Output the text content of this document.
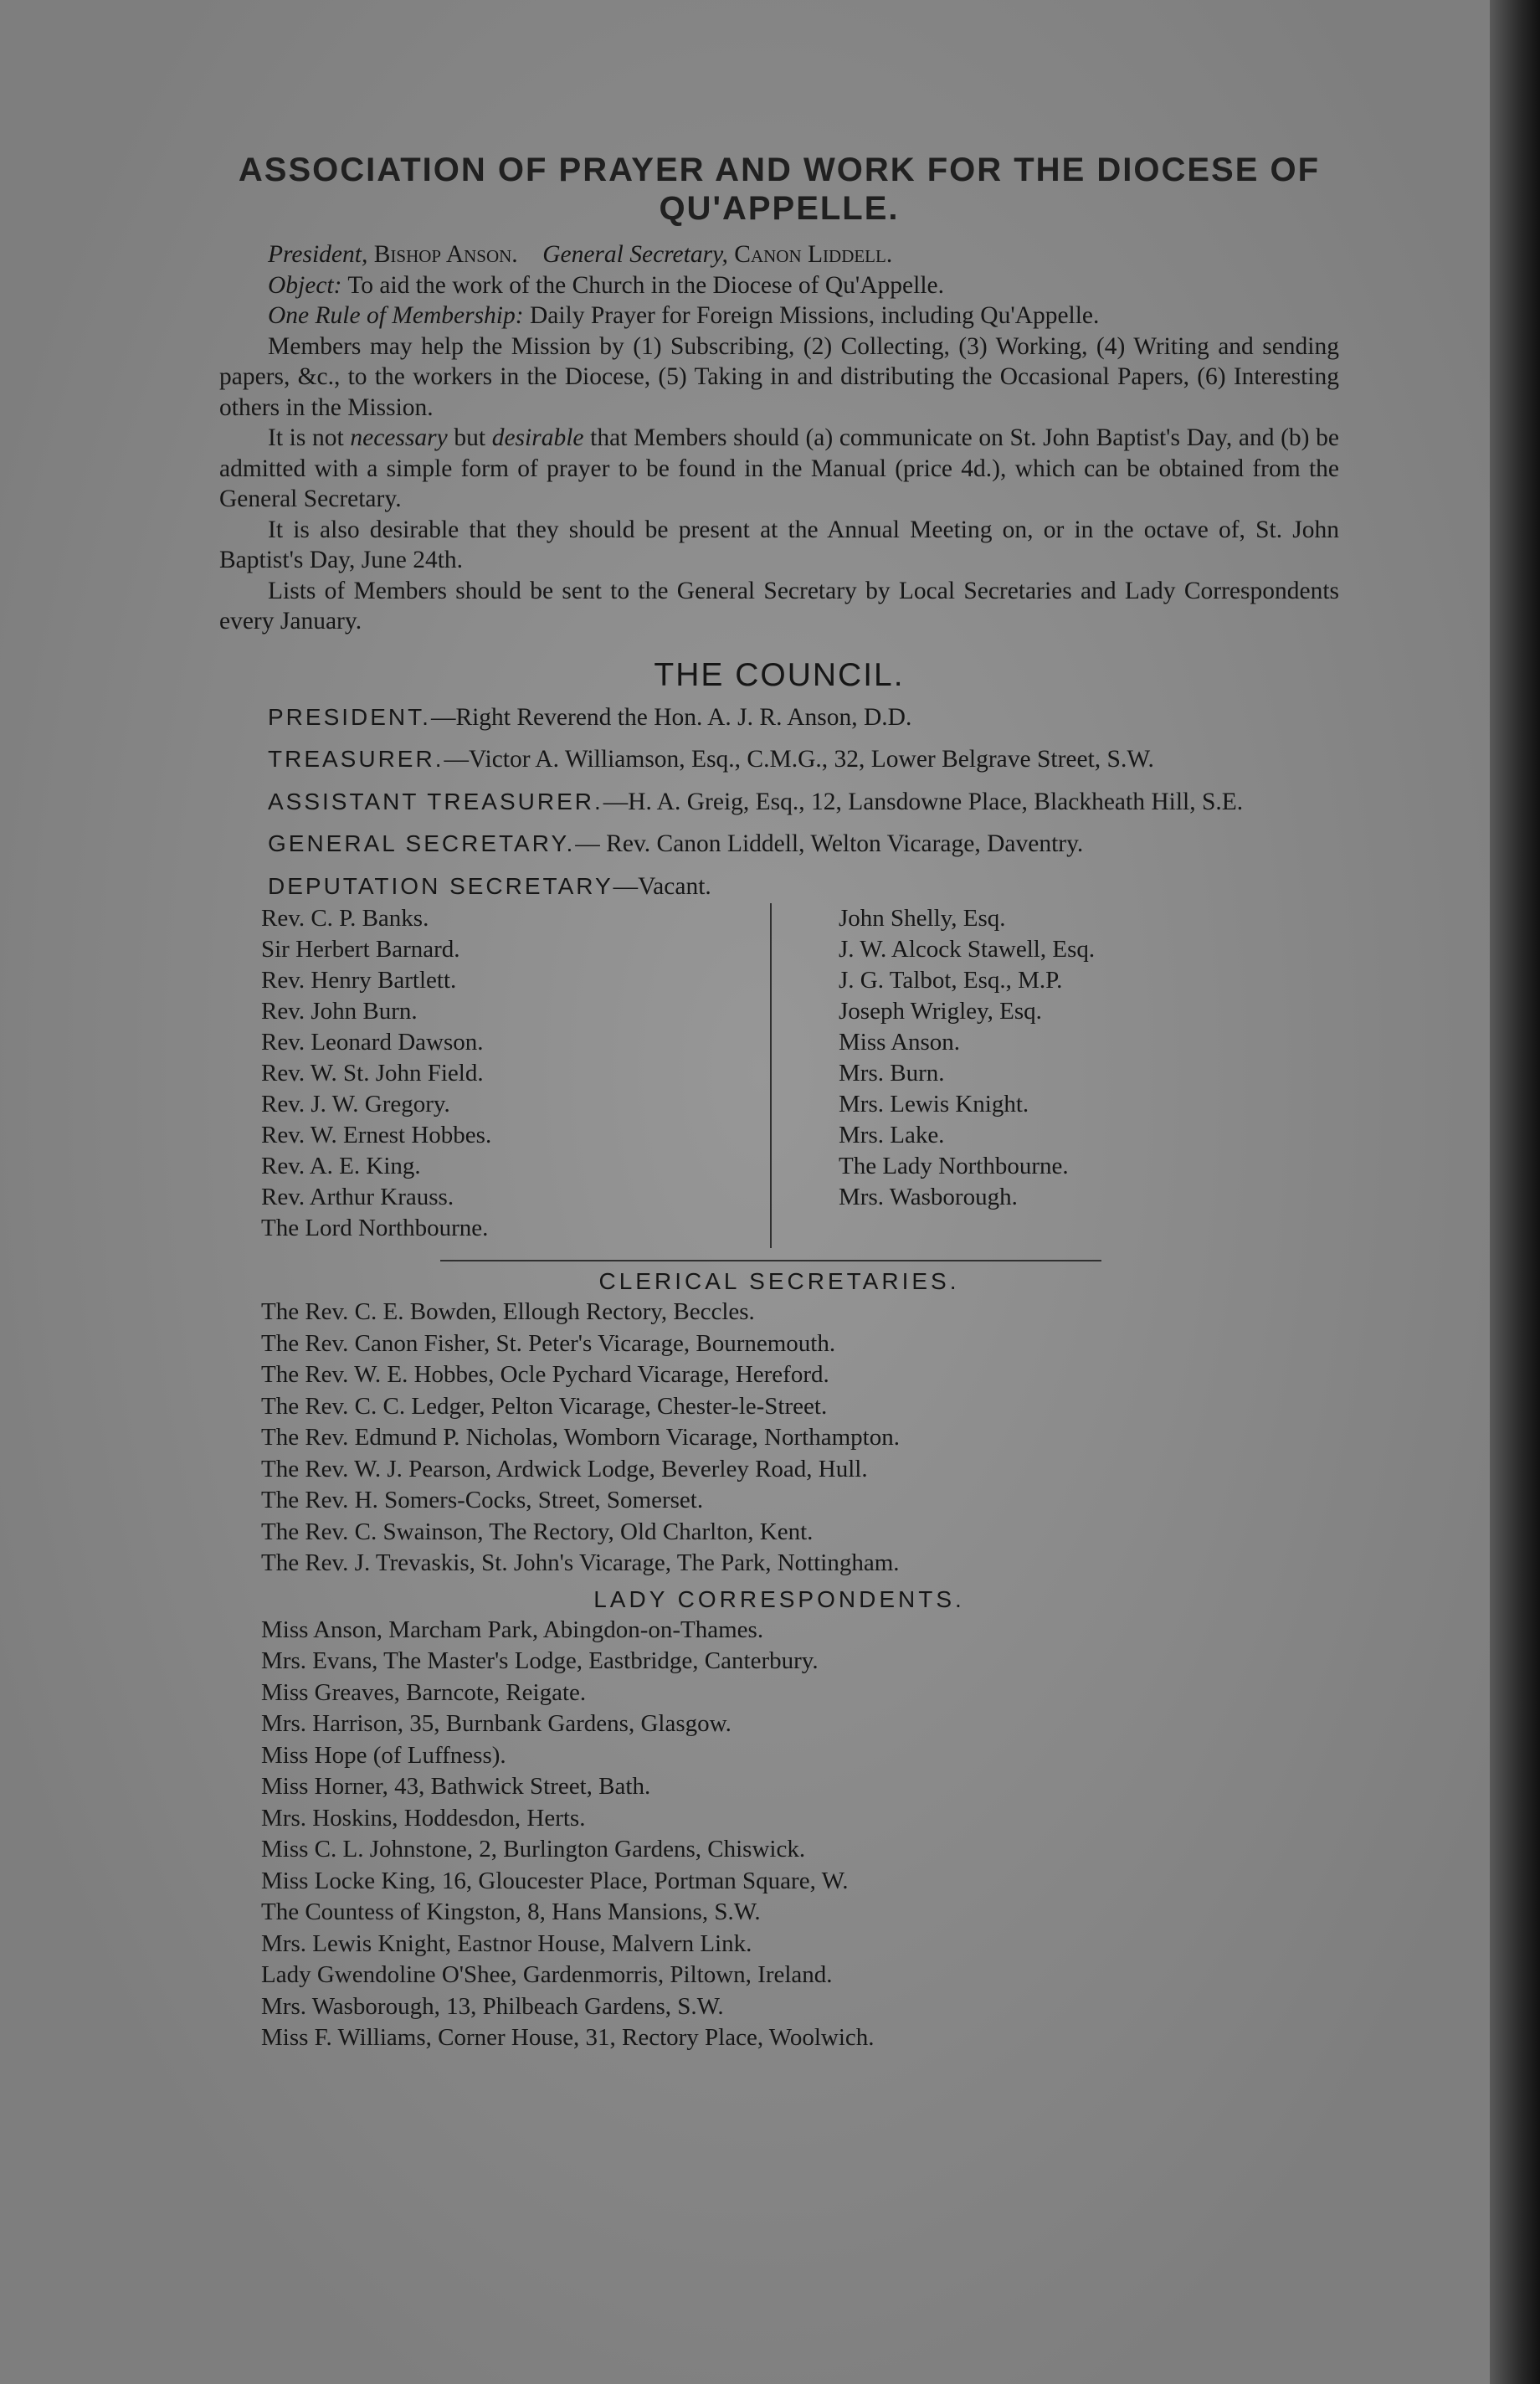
ASSOCIATION OF PRAYER AND WORK FOR THE DIOCESE OF QU'APPELLE.

President, Bishop Anson. General Secretary, Canon Liddell.

Object: To aid the work of the Church in the Diocese of Qu'Appelle.

One Rule of Membership: Daily Prayer for Foreign Missions, including Qu'Appelle.

Members may help the Mission by (1) Subscribing, (2) Collecting, (3) Working, (4) Writing and sending papers, &c., to the workers in the Diocese, (5) Taking in and distributing the Occasional Papers, (6) Interesting others in the Mission.

It is not necessary but desirable that Members should (a) communicate on St. John Baptist's Day, and (b) be admitted with a simple form of prayer to be found in the Manual (price 4d.), which can be obtained from the General Secretary.

It is also desirable that they should be present at the Annual Meeting on, or in the octave of, St. John Baptist's Day, June 24th.

Lists of Members should be sent to the General Secretary by Local Secretaries and Lady Correspondents every January.

THE COUNCIL.

PRESIDENT.—Right Reverend the Hon. A. J. R. Anson, D.D.

TREASURER.—Victor A. Williamson, Esq., C.M.G., 32, Lower Belgrave Street, S.W.

ASSISTANT TREASURER.—H. A. Greig, Esq., 12, Lansdowne Place, Blackheath Hill, S.E.

GENERAL SECRETARY.— Rev. Canon Liddell, Welton Vicarage, Daventry.

DEPUTATION SECRETARY—Vacant.

Rev. C. P. Banks.
Sir Herbert Barnard.
Rev. Henry Bartlett.
Rev. John Burn.
Rev. Leonard Dawson.
Rev. W. St. John Field.
Rev. J. W. Gregory.
Rev. W. Ernest Hobbes.
Rev. A. E. King.
Rev. Arthur Krauss.
The Lord Northbourne.
John Shelly, Esq.
J. W. Alcock Stawell, Esq.
J. G. Talbot, Esq., M.P.
Joseph Wrigley, Esq.
Miss Anson.
Mrs. Burn.
Mrs. Lewis Knight.
Mrs. Lake.
The Lady Northbourne.
Mrs. Wasborough.
CLERICAL SECRETARIES.
The Rev. C. E. Bowden, Ellough Rectory, Beccles.
The Rev. Canon Fisher, St. Peter's Vicarage, Bournemouth.
The Rev. W. E. Hobbes, Ocle Pychard Vicarage, Hereford.
The Rev. C. C. Ledger, Pelton Vicarage, Chester-le-Street.
The Rev. Edmund P. Nicholas, Womborn Vicarage, Northampton.
The Rev. W. J. Pearson, Ardwick Lodge, Beverley Road, Hull.
The Rev. H. Somers-Cocks, Street, Somerset.
The Rev. C. Swainson, The Rectory, Old Charlton, Kent.
The Rev. J. Trevaskis, St. John's Vicarage, The Park, Nottingham.
LADY CORRESPONDENTS.
Miss Anson, Marcham Park, Abingdon-on-Thames.
Mrs. Evans, The Master's Lodge, Eastbridge, Canterbury.
Miss Greaves, Barncote, Reigate.
Mrs. Harrison, 35, Burnbank Gardens, Glasgow.
Miss Hope (of Luffness).
Miss Horner, 43, Bathwick Street, Bath.
Mrs. Hoskins, Hoddesdon, Herts.
Miss C. L. Johnstone, 2, Burlington Gardens, Chiswick.
Miss Locke King, 16, Gloucester Place, Portman Square, W.
The Countess of Kingston, 8, Hans Mansions, S.W.
Mrs. Lewis Knight, Eastnor House, Malvern Link.
Lady Gwendoline O'Shee, Gardenmorris, Piltown, Ireland.
Mrs. Wasborough, 13, Philbeach Gardens, S.W.
Miss F. Williams, Corner House, 31, Rectory Place, Woolwich.
